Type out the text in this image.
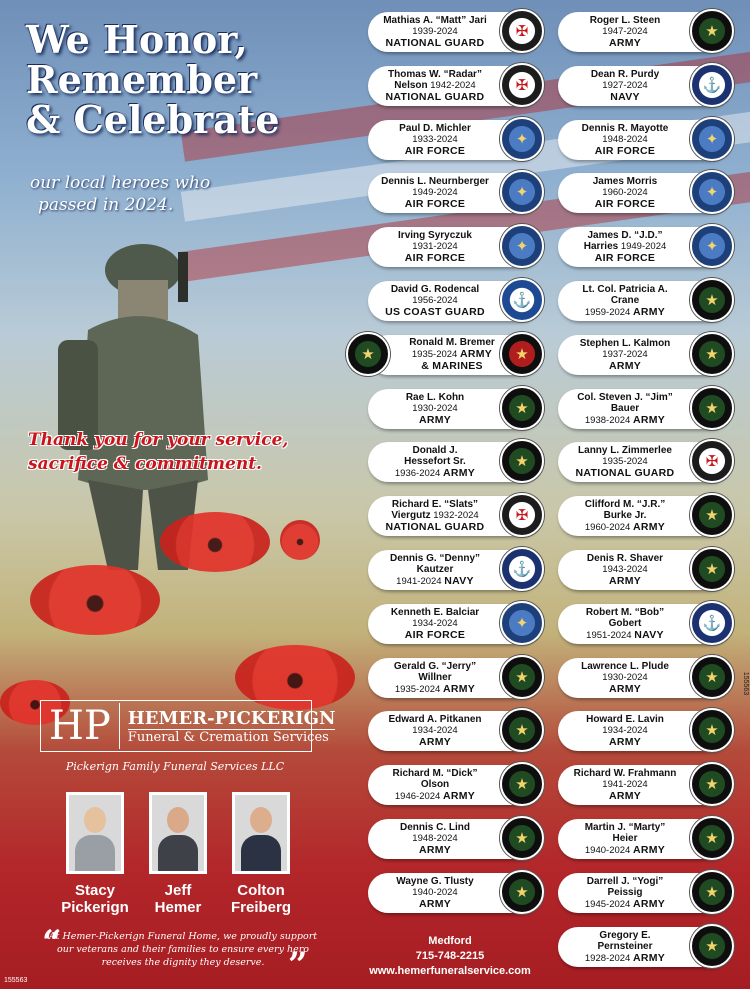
We Honor,
Remember
& Celebrate
our local heroes who
passed in 2024.
Thank you for your service,
sacrifice & commitment.
HP HEMER-PICKERIGN
Funeral & Cremation Services
Pickerign Family Funeral Services LLC
Stacy
Pickerign
Jeff
Hemer
Colton
Freiberg
“
At Hemer-Pickerign Funeral Home, we proudly support our veterans and their families to ensure every hero receives the dignity they deserve. ”
Medford
715-748-2215
www.hemerfuneralservice.com
155563
155563
Mathias A. “Matt” Jari
1939-2024
NATIONAL GUARD
✠
Thomas W. “Radar”
Nelson 1942-2024
NATIONAL GUARD
✠
Paul D. Michler
1933-2024
AIR FORCE
✦
Dennis L. Neurnberger
1949-2024
AIR FORCE
✦
Irving Syryczuk
1931-2024
AIR FORCE
✦
David G. Rodencal
1956-2024
US COAST GUARD
⚓
Ronald M. Bremer
1935-2024 ARMY
& MARINES
★	★
Rae L. Kohn
1930-2024
ARMY
★
Donald J.
Hessefort Sr.
1936-2024 ARMY
★
Richard E. “Slats”
Viergutz 1932-2024
NATIONAL GUARD
✠
Dennis G. “Denny”
Kautzer
1941-2024 NAVY
⚓
Kenneth E. Balciar
1934-2024
AIR FORCE
✦
Gerald G. “Jerry”
Willner
1935-2024 ARMY
★
Edward A. Pitkanen
1934-2024
ARMY
★
Richard M. “Dick”
Olson
1946-2024 ARMY
★
Dennis C. Lind
1948-2024
ARMY
★
Wayne G. Tlusty
1940-2024
ARMY
★
Roger L. Steen
1947-2024
ARMY
★
Dean R. Purdy
1927-2024
NAVY
⚓
Dennis R. Mayotte
1948-2024
AIR FORCE
✦
James Morris
1960-2024
AIR FORCE
✦
James D. “J.D.”
Harries 1949-2024
AIR FORCE
✦
Lt. Col. Patricia A.
Crane
1959-2024 ARMY
★
Stephen L. Kalmon
1937-2024
ARMY
★
Col. Steven J. “Jim”
Bauer
1938-2024 ARMY
★
Lanny L. Zimmerlee
1935-2024
NATIONAL GUARD
✠
Clifford M. “J.R.”
Burke Jr.
1960-2024 ARMY
★
Denis R. Shaver
1943-2024
ARMY
★
Robert M. “Bob”
Gobert
1951-2024 NAVY
⚓
Lawrence L. Plude
1930-2024
ARMY
★
Howard E. Lavin
1934-2024
ARMY
★
Richard W. Frahmann
1941-2024
ARMY
★
Martin J. “Marty”
Heier
1940-2024 ARMY
★
Darrell J. “Yogi”
Peissig
1945-2024 ARMY
★
Gregory E.
Pernsteiner
1928-2024 ARMY
★
